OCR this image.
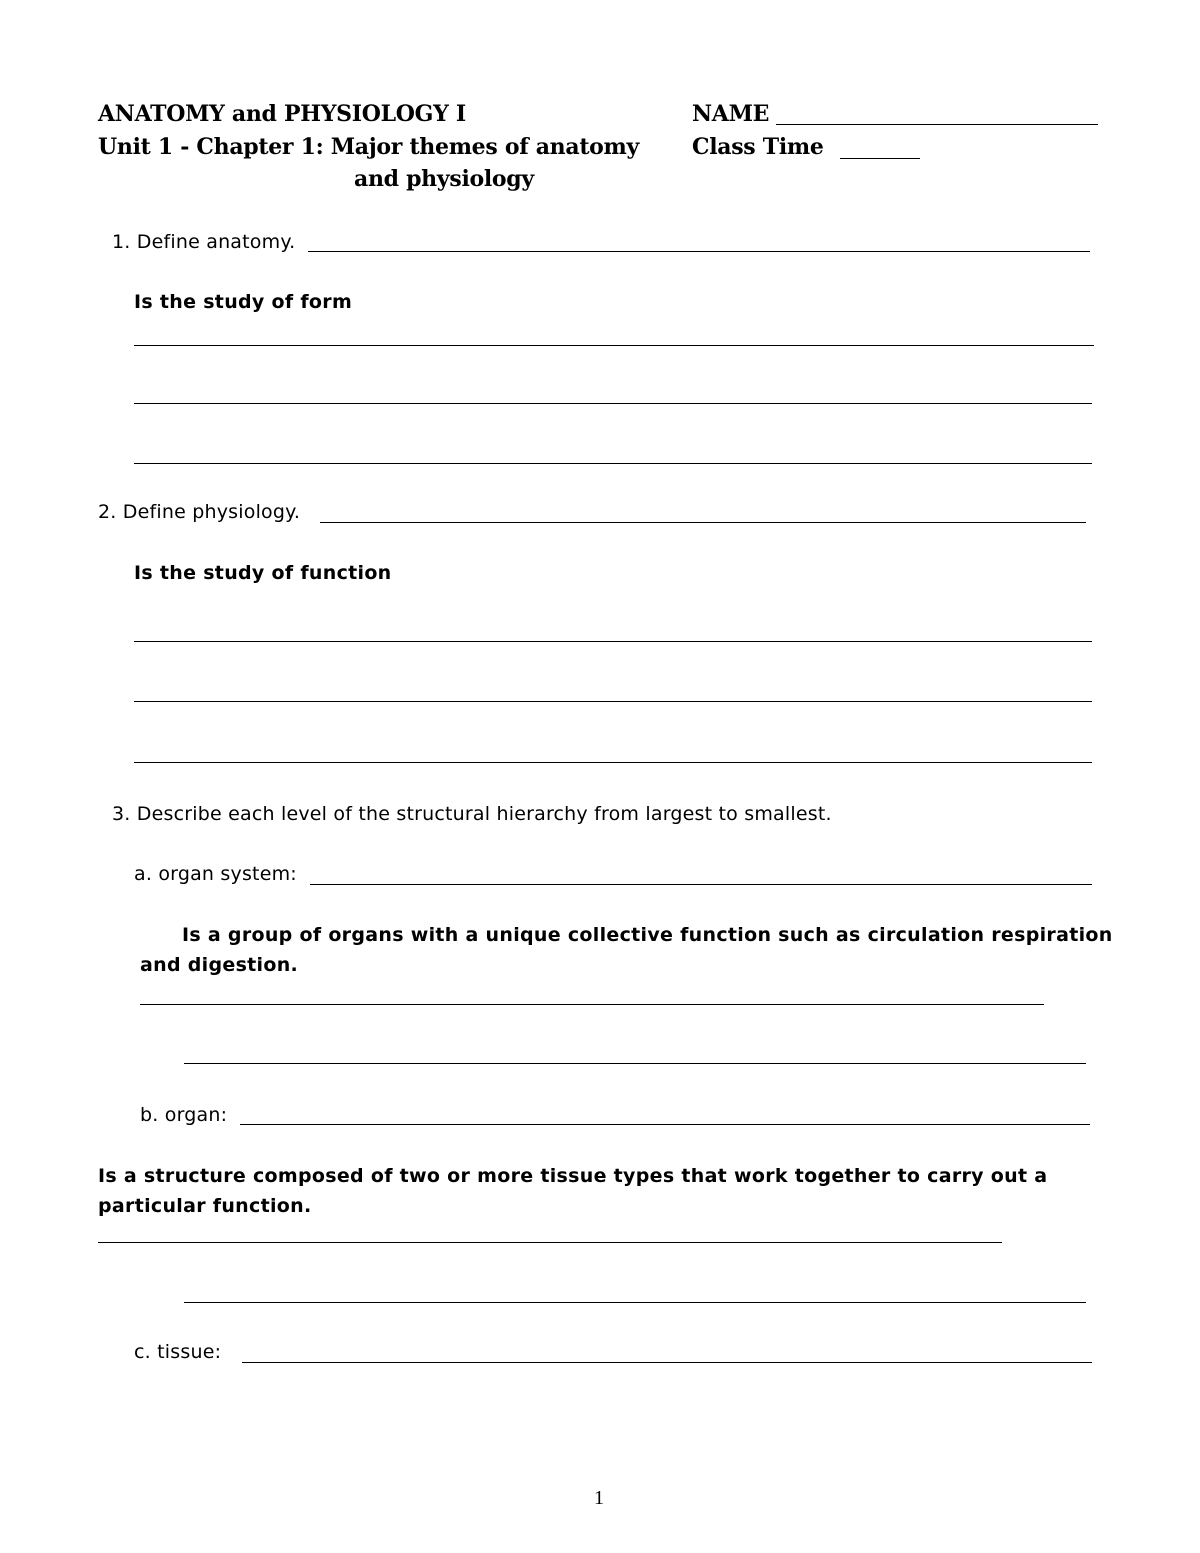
ANATOMY and PHYSIOLOGY I
Unit 1 - Chapter 1: Major themes of anatomy
and physiology
NAME
Class Time
1. Define anatomy.
Is the study of form
2. Define physiology.
Is the study of function
3. Describe each level of the structural hierarchy from largest to smallest.
a. organ system:
Is a group of organs with a unique collective function such as circulation respiration
and digestion.
b. organ:
Is a structure composed of two or more tissue types that work together to carry out a
particular function.
c. tissue:
1
